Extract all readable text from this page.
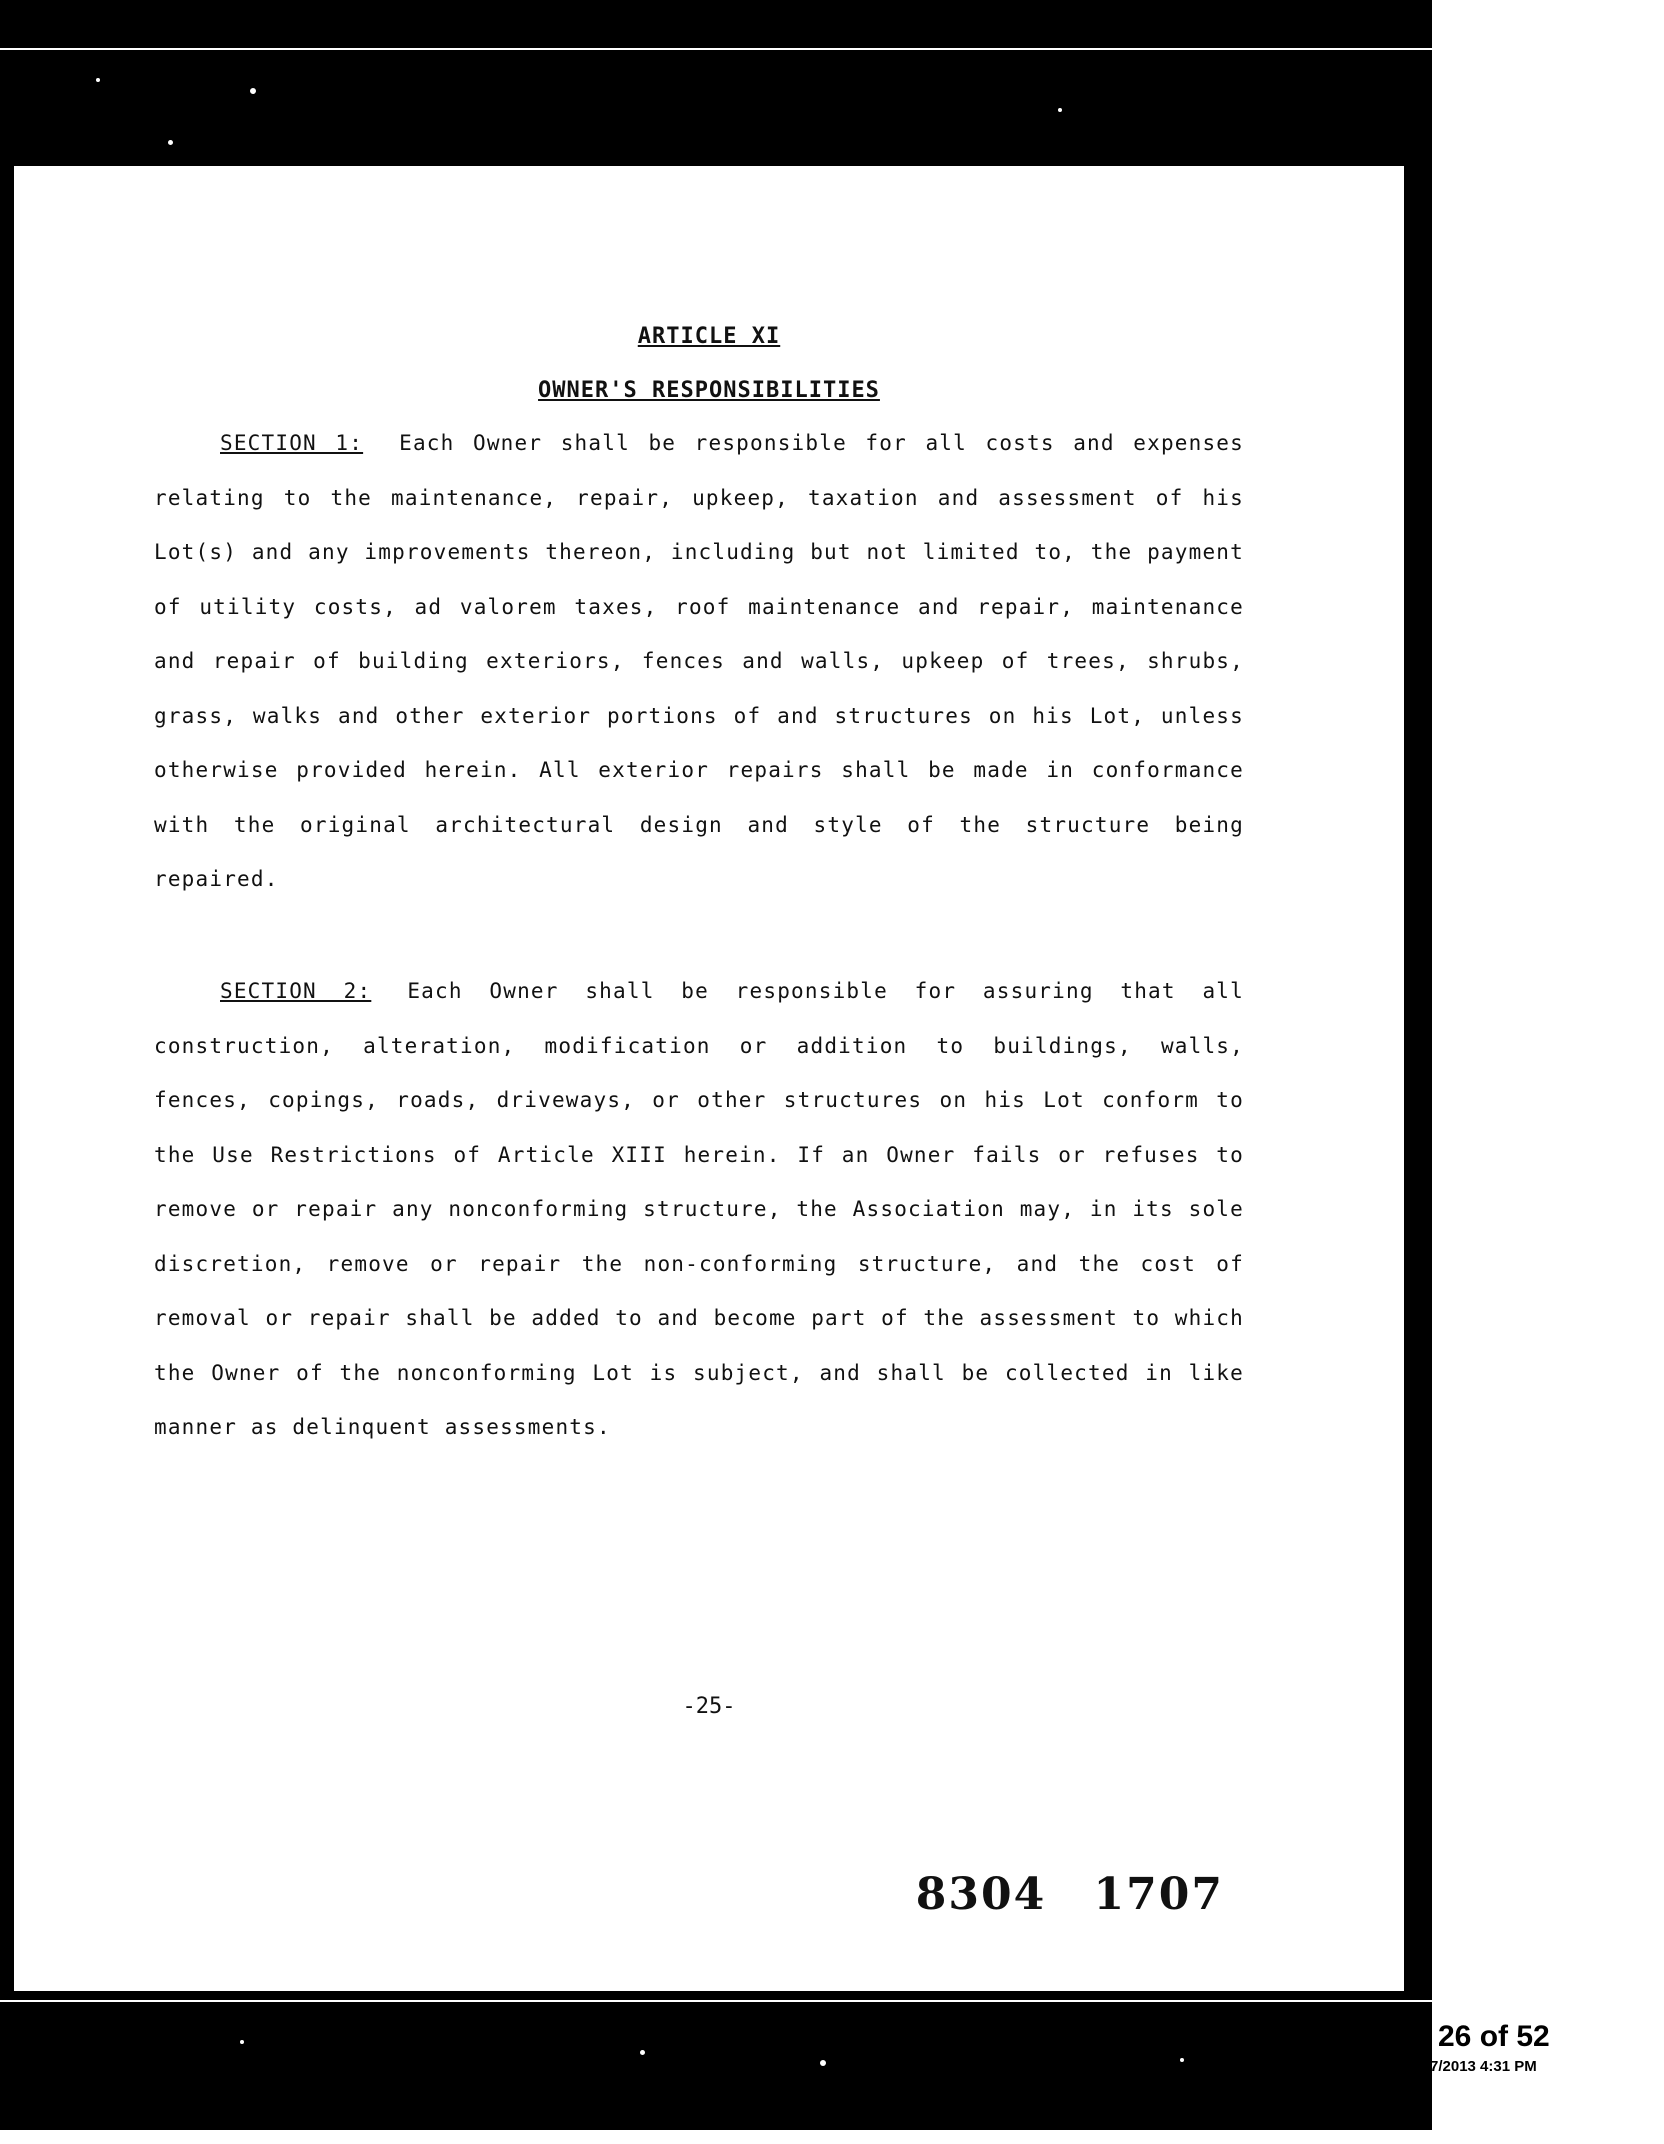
ARTICLE XI
OWNER'S RESPONSIBILITIES
SECTION 1: Each Owner shall be responsible for all costs and expenses relating to the maintenance, repair, upkeep, taxation and assessment of his Lot(s) and any improvements thereon, including but not limited to, the payment of utility costs, ad valorem taxes, roof maintenance and repair, maintenance and repair of building exteriors, fences and walls, upkeep of trees, shrubs, grass, walks and other exterior portions of and structures on his Lot, unless otherwise provided herein. All exterior repairs shall be made in conformance with the original architectural design and style of the structure being repaired.
SECTION 2: Each Owner shall be responsible for assuring that all construction, alteration, modification or addition to buildings, walls, fences, copings, roads, driveways, or other structures on his Lot conform to the Use Restrictions of Article XIII herein. If an Owner fails or refuses to remove or repair any nonconforming structure, the Association may, in its sole discretion, remove or repair the non-conforming structure, and the cost of removal or repair shall be added to and become part of the assessment to which the Owner of the nonconforming Lot is subject, and shall be collected in like manner as delinquent assessments.
-25-
8304 1707
26 of 52
7/2013 4:31 PM
